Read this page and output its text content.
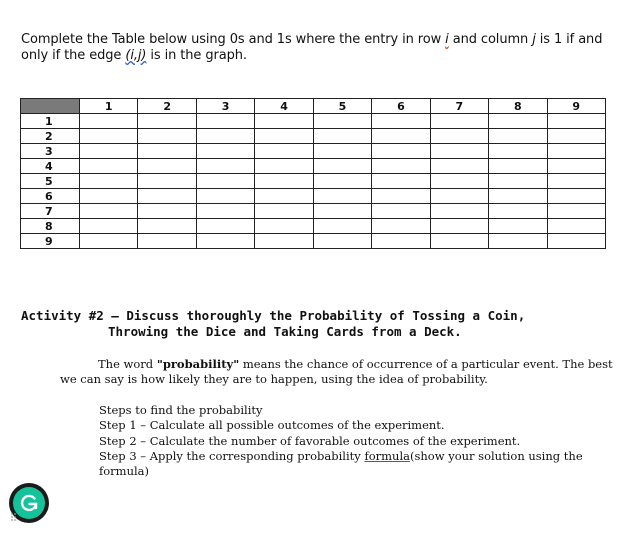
Complete the Table below using 0s and 1s where the entry in row i and column j is 1 if and only if the edge (i,j) is in the graph.
	1	2	3	4	5	6	7	8	9
1									
2									
3									
4									
5									
6									
7									
8									
9									
Activity #2 – Discuss thoroughly the Probability of Tossing a Coin,
Throwing the Dice and Taking Cards from a Deck.
The word "probability" means the chance of occurrence of a particular event. The best we can say is how likely they are to happen, using the idea of probability.
Steps to find the probability
Step 1 – Calculate all possible outcomes of the experiment.
Step 2 – Calculate the number of favorable outcomes of the experiment.
Step 3 – Apply the corresponding probability formula(show your solution using the formula)
